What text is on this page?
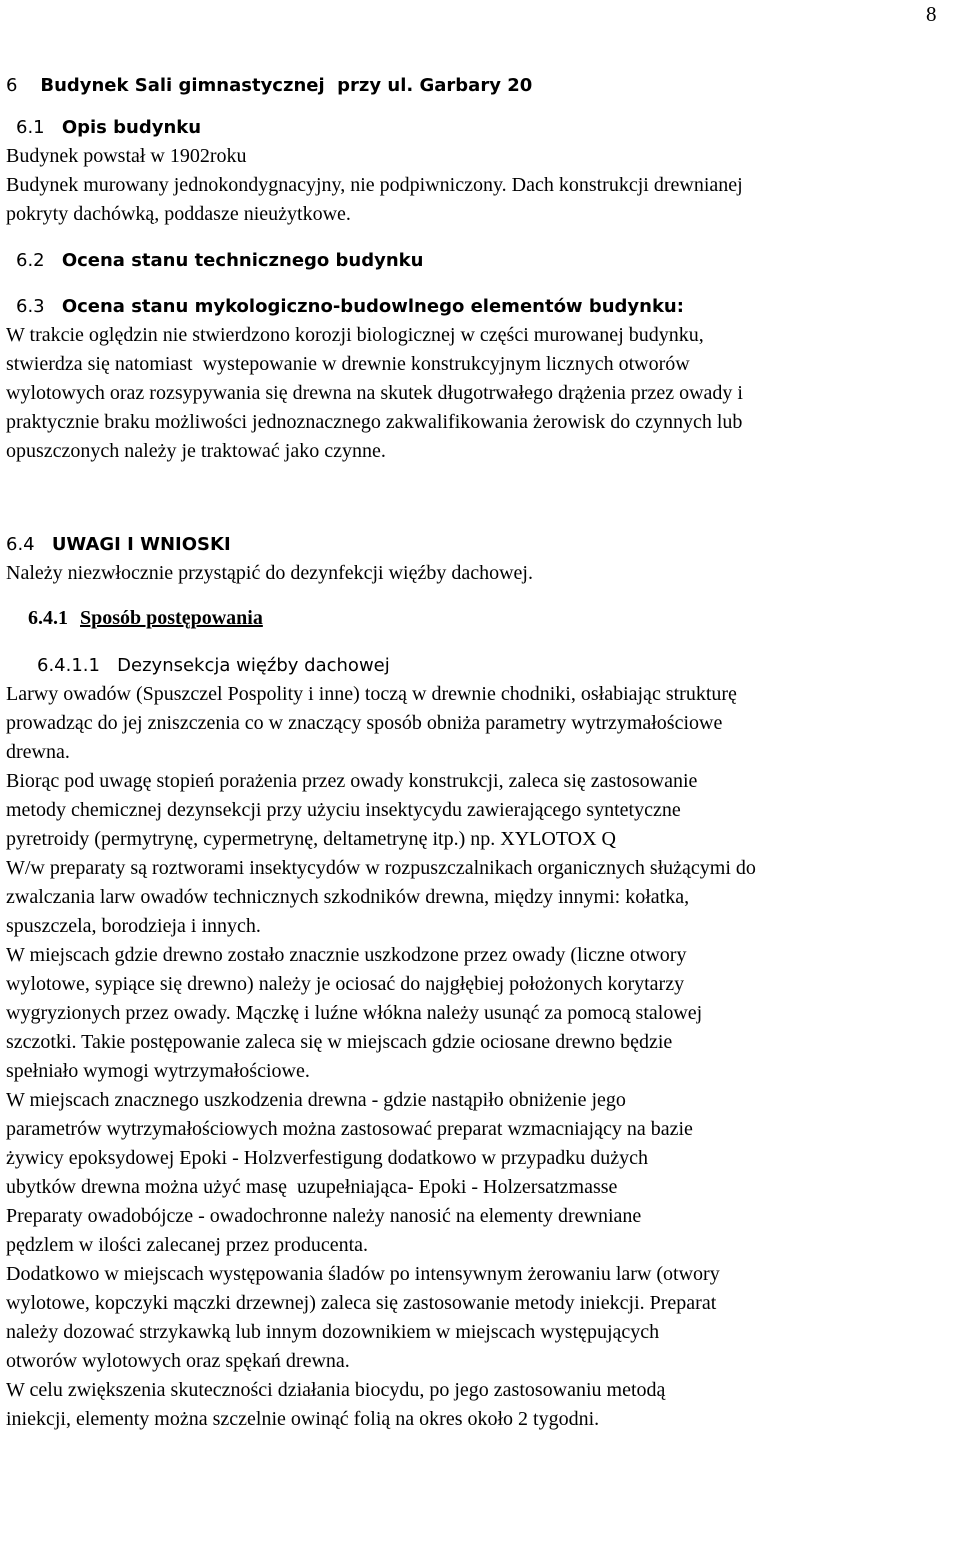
8
6 Budynek Sali gimnastycznej  przy ul. Garbary 20
6.1 Opis budynku
Budynek powstał w 1902roku
Budynek murowany jednokondygnacyjny, nie podpiwniczony. Dach konstrukcji drewnianej
pokryty dachówką, poddasze nieużytkowe.
6.2 Ocena stanu technicznego budynku
6.3 Ocena stanu mykologiczno-budowlnego elementów budynku:
W trakcie oględzin nie stwierdzono korozji biologicznej w części murowanej budynku,
stwierdza się natomiast  wystepowanie w drewnie konstrukcyjnym licznych otworów
wylotowych oraz rozsypywania się drewna na skutek długotrwałego drążenia przez owady i
praktycznie braku możliwości jednoznacznego zakwalifikowania żerowisk do czynnych lub
opuszczonych należy je traktować jako czynne.
6.4 UWAGI I WNIOSKI
Należy niezwłocznie przystąpić do dezynfekcji więźby dachowej.
6.4.1 Sposób postępowania
6.4.1.1 Dezynsekcja więźby dachowej
Larwy owadów (Spuszczel Pospolity i inne) toczą w drewnie chodniki, osłabiając strukturę
prowadząc do jej zniszczenia co w znaczący sposób obniża parametry wytrzymałościowe
drewna.
Biorąc pod uwagę stopień porażenia przez owady konstrukcji, zaleca się zastosowanie
metody chemicznej dezynsekcji przy użyciu insektycydu zawierającego syntetyczne
pyretroidy (permytrynę, cypermetrynę, deltametrynę itp.) np. XYLOTOX Q
W/w preparaty są roztworami insektycydów w rozpuszczalnikach organicznych służącymi do
zwalczania larw owadów technicznych szkodników drewna, między innymi: kołatka,
spuszczela, borodzieja i innych.
W miejscach gdzie drewno zostało znacznie uszkodzone przez owady (liczne otwory
wylotowe, sypiące się drewno) należy je ociosać do najgłębiej położonych korytarzy
wygryzionych przez owady. Mączkę i luźne włókna należy usunąć za pomocą stalowej
szczotki. Takie postępowanie zaleca się w miejscach gdzie ociosane drewno będzie
spełniało wymogi wytrzymałościowe.
W miejscach znacznego uszkodzenia drewna - gdzie nastąpiło obniżenie jego
parametrów wytrzymałościowych można zastosować preparat wzmacniający na bazie
żywicy epoksydowej Epoki - Holzverfestigung dodatkowo w przypadku dużych
ubytków drewna można użyć masę  uzupełniająca- Epoki - Holzersatzmasse
Preparaty owadobójcze - owadochronne należy nanosić na elementy drewniane
pędzlem w ilości zalecanej przez producenta.
Dodatkowo w miejscach występowania śladów po intensywnym żerowaniu larw (otwory
wylotowe, kopczyki mączki drzewnej) zaleca się zastosowanie metody iniekcji. Preparat
należy dozować strzykawką lub innym dozownikiem w miejscach występujących
otworów wylotowych oraz spękań drewna.
W celu zwiększenia skuteczności działania biocydu, po jego zastosowaniu metodą
iniekcji, elementy można szczelnie owinąć folią na okres około 2 tygodni.
